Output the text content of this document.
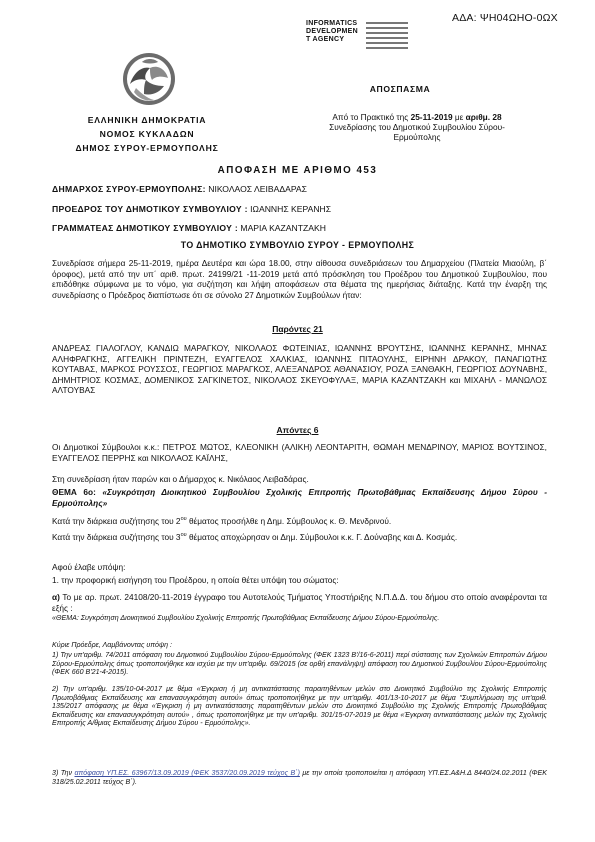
ΑΔΑ: ΨΗ04ΩΗΟ-0ΩΧ
INFORMATICS
DEVELOPMEN
T AGENCY
ΕΛΛΗΝΙΚΗ ΔΗΜΟΚΡΑΤΙΑ
ΝΟΜΟΣ ΚΥΚΛΑΔΩΝ
ΔΗΜΟΣ ΣΥΡΟΥ-ΕΡΜΟΥΠΟΛΗΣ
ΑΠΟΣΠΑΣΜΑ
Από το Πρακτικό της 25-11-2019 με αριθμ. 28
Συνεδρίασης του Δημοτικού Συμβουλίου Σύρου-
Ερμούπολης
ΑΠΟΦΑΣΗ ΜΕ ΑΡΙΘΜΟ 453
ΔΗΜΑΡΧΟΣ ΣΥΡΟΥ-ΕΡΜΟΥΠΟΛΗΣ: ΝΙΚΟΛΑΟΣ ΛΕΙΒΑΔΑΡΑΣ
ΠΡΟΕΔΡΟΣ ΤΟΥ ΔΗΜΟΤΙΚΟΥ ΣΥΜΒΟΥΛΙΟΥ : ΙΩΑΝΝΗΣ ΚΕΡΑΝΗΣ
ΓΡΑΜΜΑΤΕΑΣ ΔΗΜΟΤΙΚΟΥ ΣΥΜΒΟΥΛΙΟΥ : ΜΑΡΙΑ ΚΑΖΑΝΤΖΑΚΗ
ΤΟ ΔΗΜΟΤΙΚΟ ΣΥΜΒΟΥΛΙΟ ΣΥΡΟΥ - ΕΡΜΟΥΠΟΛΗΣ
Συνεδρίασε σήμερα 25-11-2019, ημέρα Δευτέρα και ώρα 18.00, στην αίθουσα συνεδριάσεων του Δημαρχείου (Πλατεία Μιαούλη, β΄ όροφος), μετά από την υπ΄ αριθ. πρωτ. 24199/21 -11-2019 μετά από πρόσκληση του Προέδρου του Δημοτικού Συμβουλίου, που επιδόθηκε σύμφωνα με το νόμο, για συζήτηση και λήψη αποφάσεων στα θέματα της ημερήσιας διάταξης. Κατά την έναρξη της συνεδρίασης ο Πρόεδρος διαπίστωσε ότι σε σύνολο 27 Δημοτικών Συμβούλων ήταν:
Παρόντες 21
ΑΝΔΡΕΑΣ ΓΙΑΛΟΓΛΟΥ, ΚΑΝΔΙΩ ΜΑΡΑΓΚΟΥ, ΝΙΚΟΛΑΟΣ ΦΩΤΕΙΝΙΑΣ, ΙΩΑΝΝΗΣ ΒΡΟΥΤΣΗΣ, ΙΩΑΝΝΗΣ ΚΕΡΑΝΗΣ, ΜΗΝΑΣ ΑΛΗΦΡΑΓΚΗΣ, ΑΓΓΕΛΙΚΗ ΠΡΙΝΤΕΖΗ, ΕΥΑΓΓΕΛΟΣ ΧΑΛΚΙΑΣ, ΙΩΑΝΝΗΣ ΠΙΤΑΟΥΛΗΣ, ΕΙΡΗΝΗ ΔΡΑΚΟΥ, ΠΑΝΑΓΙΩΤΗΣ ΚΟΥΤΑΒΑΣ, ΜΑΡΚΟΣ ΡΟΥΣΣΟΣ, ΓΕΩΡΓΙΟΣ ΜΑΡΑΓΚΟΣ, ΑΛΕΞΑΝΔΡΟΣ ΑΘΑΝΑΣΙΟΥ, ΡΟΖΑ ΞΑΝΘΑΚΗ, ΓΕΩΡΓΙΟΣ ΔΟΥΝΑΒΗΣ, ΔΗΜΗΤΡΙΟΣ ΚΟΣΜΑΣ, ΔΟΜΕΝΙΚΟΣ ΣΑΓΚΙΝΕΤΟΣ, ΝΙΚΟΛΑΟΣ ΣΚΕΥΟΦΥΛΑΞ, ΜΑΡΙΑ ΚΑΖΑΝΤΖΑΚΗ και ΜΙΧΑΗΛ - ΜΑΝΩΛΟΣ ΑΛΤΟΥΒΑΣ
Απόντες 6
Οι Δημοτικοί Σύμβουλοι κ.κ.: ΠΕΤΡΟΣ ΜΩΤΟΣ, ΚΛΕΟΝΙΚΗ (ΑΛΙΚΗ) ΛΕΟΝΤΑΡΙΤΗ, ΘΩΜΑΗ ΜΕΝΔΡΙΝΟΥ, ΜΑΡΙΟΣ ΒΟΥΤΣΙΝΟΣ, ΕΥΑΓΓΕΛΟΣ ΠΕΡΡΗΣ και ΝΙΚΟΛΑΟΣ ΚΑΪΛΗΣ,
Στη συνεδρίαση ήταν παρών και ο Δήμαρχος κ. Νικόλαος Λειβαδάρας.
ΘΕΜΑ 6ο: «Συγκρότηση Διοικητικού Συμβουλίου Σχολικής Επιτροπής Πρωτοβάθμιας Εκπαίδευσης Δήμου Σύρου - Ερμούπολης»
Κατά την διάρκεια συζήτησης του $2^{o\upsilon}$ θέματος προσήλθε η Δημ. Σύμβουλος κ. Θ. Μενδρινού.
Κατά την διάρκεια συζήτησης του $3^{o\upsilon}$ θέματος αποχώρησαν οι Δημ. Σύμβουλοι κ.κ. Γ. Δούναβης και Δ. Κοσμάς.
Αφού έλαβε υπόψη:
1. την προφορική εισήγηση του Προέδρου, η οποία θέτει υπόψη του σώματος:
α) Το με αρ. πρωτ. 24108/20-11-2019 έγγραφο του Αυτοτελούς Τμήματος Υποστήριξης Ν.Π.Δ.Δ. του δήμου στο οποίο αναφέρονται τα εξής :
«ΘΕΜΑ: Συγκρότηση Διοικητικού Συμβουλίου Σχολικής Επιτροπής Πρωτοβάθμιας Εκπαίδευσης Δήμου Σύρου-Ερμούπολης.
Κύριε Πρόεδρε, Λαμβάνοντας υπόψη :
1) Την υπ'αριθμ. 74/2011 απόφαση του Δημοτικού Συμβουλίου Σύρου-Ερμούπολης (ΦΕΚ 1323 Β'/16-6-2011) περί σύστασης των Σχολικών Επιτροπών Δήμου Σύρου-Ερμούπολης όπως τροποποιήθηκε και ισχύει με την υπ'αριθμ. 69/2015 (σε ορθή επανάληψη) απόφαση του Δημοτικού Συμβουλίου Σύρου-Ερμούπολης (ΦΕΚ 660 Β'21-4-2015).
2) Την υπ'αριθμ. 135/10-04-2017 με θέμα «Έγκριση ή μη αντικατάστασης παραιτηθέντων μελών στο Διοικητικό Συμβούλιο της Σχολικής Επιτροπής Πρωτοβάθμιας Εκπαίδευσης και επανασυγκρότηση αυτού» όπως τροποποιήθηκε με την υπ'αριθμ. 401/13-10-2017 με θέμα "Συμπλήρωση της υπ'αριθ. 135/2017 απόφασης με θέμα «Έγκριση ή μη αντικατάστασης παραιτηθέντων μελών στο Διοικητικό Συμβούλιο της Σχολικής Επιτροπής Πρωτοβάθμιας Εκπαίδευσης και επανασυγκρότηση αυτού» , όπως τροποποιήθηκε με την υπ'αριθμ. 301/15-07-2019 με θέμα «Έγκριση αντικατάστασης μελών της Σχολικής Επιτροπής Α/θμιας Εκπαίδευσης Δήμου Σύρου - Ερμούπολης».
3) Την απόφαση ΥΠ.ΕΣ. 63967/13.09.2019 (ΦΕΚ 3537/20.09.2019 τεύχος Β΄) με την οποία τροποποιείται η απόφαση ΥΠ.ΕΣ.Α&Η.Δ 8440/24.02.2011 (ΦΕΚ 318/25.02.2011 τεύχος Β΄).
